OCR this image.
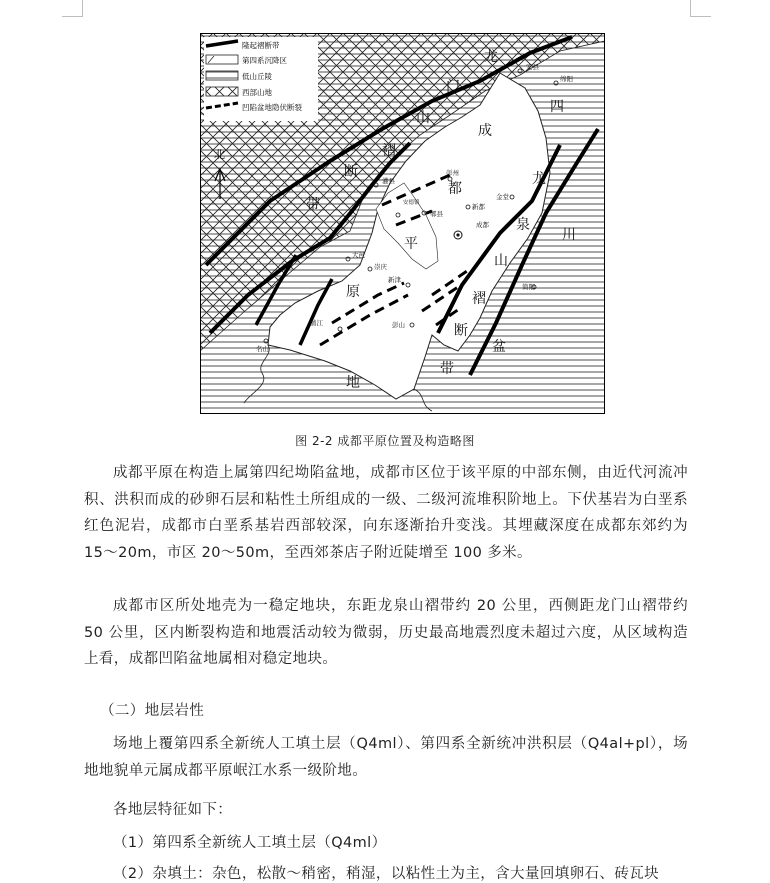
隆起褶断带
第四系沉降区
低山丘陵
西部山地
凹陷盆地隐伏断裂
北
龙
门
山
褶
断
带
成
都
平
原
四
川
盆
地
龙
泉
山
褶
断
带
安县
绵阳
灌县
彭州
新都
金堂
郫县
成都
大邑
崇庆
新津
简阳
蒲江	彭山
名山
安德镇
图 2-2 成都平原位置及构造略图

成都平原在构造上属第四纪坳陷盆地，成都市区位于该平原的中部东侧，由近代河流冲积、洪积而成的砂卵石层和粘性土所组成的一级、二级河流堆积阶地上。下伏基岩为白垩系红色泥岩，成都市白垩系基岩西部较深，向东逐渐抬升变浅。其埋藏深度在成都东郊约为 15～20m，市区 20～50m，至西郊茶店子附近陡增至 100 多米。

成都市区所处地壳为一稳定地块，东距龙泉山褶带约 20 公里，西侧距龙门山褶带约 50 公里，区内断裂构造和地震活动较为微弱，历史最高地震烈度未超过六度，从区域构造上看，成都凹陷盆地属相对稳定地块。

（二）地层岩性

场地上覆第四系全新统人工填土层（Q4ml）、第四系全新统冲洪积层（Q4al+pl），场地地貌单元属成都平原岷江水系一级阶地。

各地层特征如下：
（1）第四系全新统人工填土层（Q4ml）
（2）杂填土：杂色，松散～稍密，稍湿，以粘性土为主，含大量回填卵石、砖瓦块
